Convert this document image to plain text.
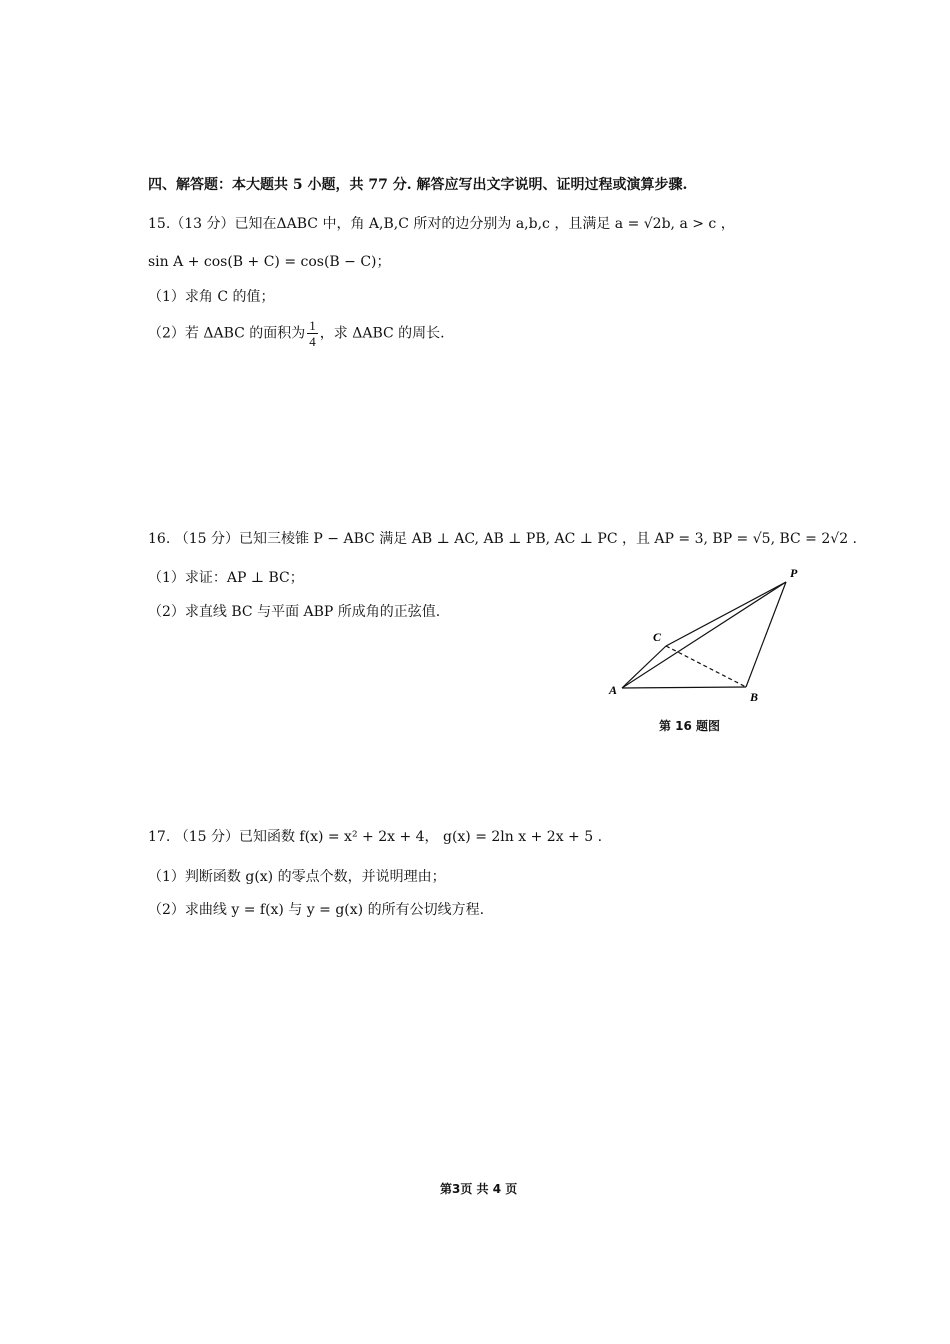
四、解答题：本大题共 5 小题，共 77 分. 解答应写出文字说明、证明过程或演算步骤.
15.（13 分）已知在ΔABC 中，角 A,B,C 所对的边分别为 a,b,c ，且满足 a = √2b, a > c ，
sin A + cos(B + C) = cos(B − C)；
（1）求角 C 的值；
（2）若 ΔABC 的面积为 $\frac{1}{4}$ ，求 ΔABC 的周长.
16. （15 分）已知三棱锥 P − ABC 满足 AB ⊥ AC, AB ⊥ PB, AC ⊥ PC ，且 AP = 3, BP = √5, BC = 2√2 .
（1）求证：AP ⊥ BC；
（2）求直线 BC 与平面 ABP 所成角的正弦值.
P
C
A	B
第 16 题图
17. （15 分）已知函数 f(x) = x² + 2x + 4， g(x) = 2ln x + 2x + 5 .
（1）判断函数 g(x) 的零点个数，并说明理由；
（2）求曲线 y = f(x) 与 y = g(x) 的所有公切线方程.
第3页 共 4 页
